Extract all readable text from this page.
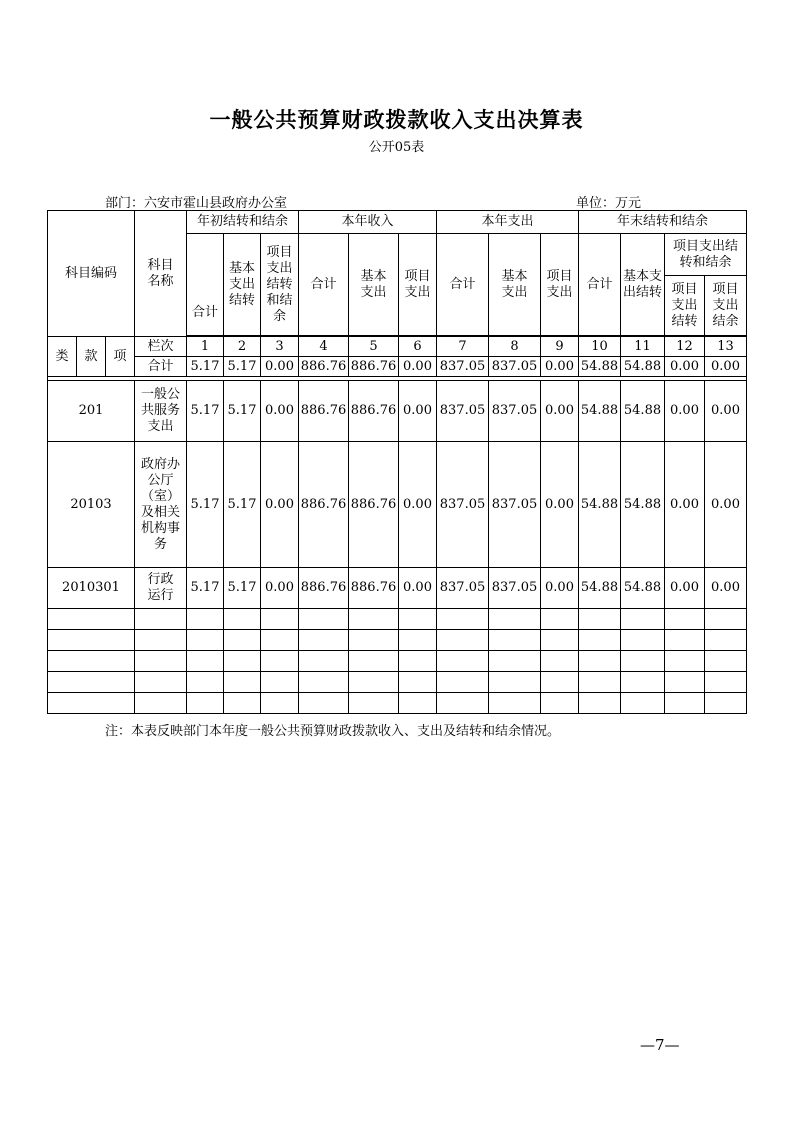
一般公共预算财政拨款收入支出决算表
公开05表
部门：六安市霍山县政府办公室	单位：万元
科目编码			科目名称	年初结转和结余			本年收入			本年支出			年末结转和结余			
				合计	基本支出结转	项目支出结转和结余	合计	基本支出	项目支出	合计	基本支出	项目支出	合计	基本支出结转	项目支出结转和结余	
															项目支出结转	项目支出结余

类	款	项	栏次	1	2	3	4	5	6	7	8	9	10	11	12	13
			合计	5.17	5.17	0.00	886.76	886.76	0.00	837.05	837.05	0.00	54.88	54.88	0.00	0.00

201			一般公共服务支出	5.17	5.17	0.00	886.76	886.76	0.00	837.05	837.05	0.00	54.88	54.88	0.00	0.00
20103			政府办公厅（室）及相关机构事务	5.17	5.17	0.00	886.76	886.76	0.00	837.05	837.05	0.00	54.88	54.88	0.00	0.00
2010301			行政运行	5.17	5.17	0.00	886.76	886.76	0.00	837.05	837.05	0.00	54.88	54.88	0.00	0.00

注：本表反映部门本年度一般公共预算财政拨款收入、支出及结转和结余情况。
—7—
